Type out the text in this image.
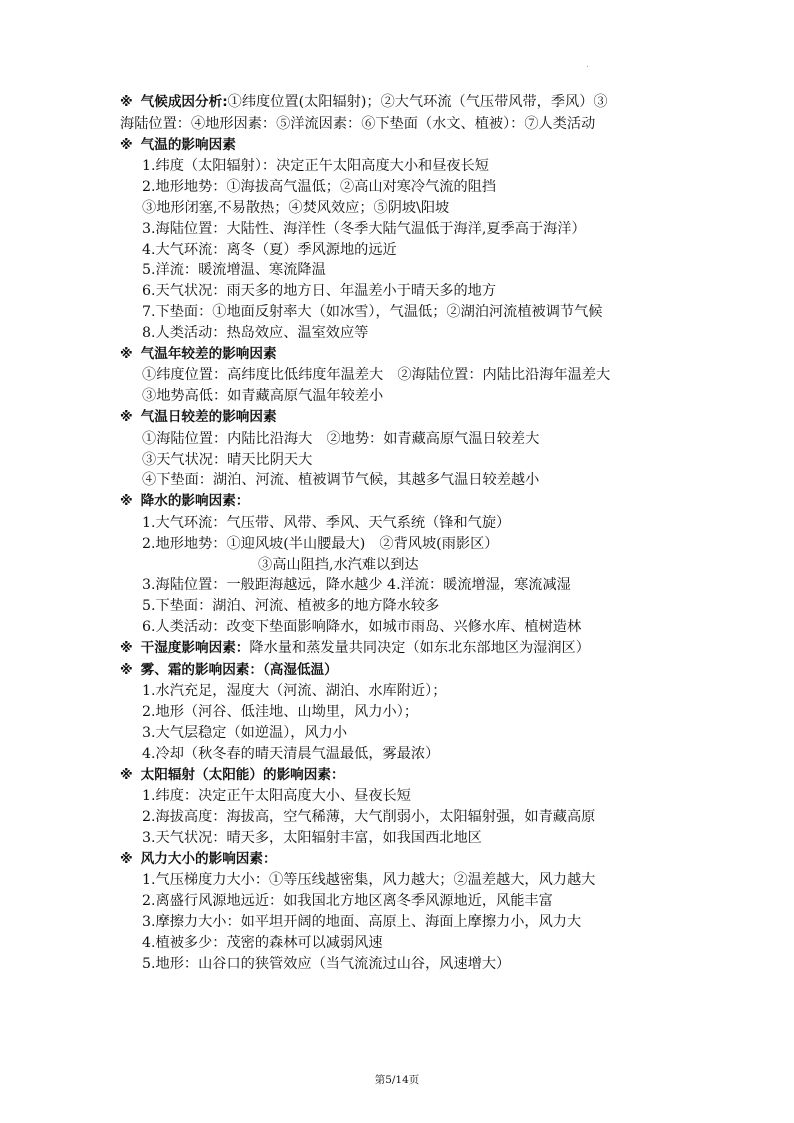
.
※ 气候成因分析:①纬度位置(太阳辐射)；②大气环流（气压带风带，季风）③
海陆位置：④地形因素：⑤洋流因素：⑥下垫面（水文、植被）：⑦人类活动
※ 气温的影响因素
1.纬度（太阳辐射）：决定正午太阳高度大小和昼夜长短
2.地形地势：①海拔高气温低；②高山对寒冷气流的阻挡
③地形闭塞,不易散热；④焚风效应；⑤阴坡\阳坡
3.海陆位置：大陆性、海洋性（冬季大陆气温低于海洋,夏季高于海洋）
4.大气环流：离冬（夏）季风源地的远近
5.洋流：暖流增温、寒流降温
6.天气状况：雨天多的地方日、年温差小于晴天多的地方
7.下垫面：①地面反射率大（如冰雪），气温低；②湖泊河流植被调节气候
8.人类活动：热岛效应、温室效应等
※ 气温年较差的影响因素
①纬度位置：高纬度比低纬度年温差大　②海陆位置：内陆比沿海年温差大
③地势高低：如青藏高原气温年较差小
※ 气温日较差的影响因素
①海陆位置：内陆比沿海大　②地势：如青藏高原气温日较差大
③天气状况：晴天比阴天大
④下垫面：湖泊、河流、植被调节气候，其越多气温日较差越小
※ 降水的影响因素：
1.大气环流：气压带、风带、季风、天气系统（锋和气旋）
2.地形地势：①迎风坡(半山腰最大)　②背风坡(雨影区）
③高山阻挡,水汽难以到达
3.海陆位置：一般距海越远，降水越少 4.洋流：暖流增湿，寒流减湿
5.下垫面：湖泊、河流、植被多的地方降水较多
6.人类活动：改变下垫面影响降水，如城市雨岛、兴修水库、植树造林
※ 干湿度影响因素：降水量和蒸发量共同决定（如东北东部地区为湿润区）
※ 雾、霜的影响因素：（高湿低温）
1.水汽充足，湿度大（河流、湖泊、水库附近）；
2.地形（河谷、低洼地、山坳里，风力小）；
3.大气层稳定（如逆温），风力小
4.冷却（秋冬春的晴天清晨气温最低，雾最浓）
※ 太阳辐射（太阳能）的影响因素：
1.纬度：决定正午太阳高度大小、昼夜长短
2.海拔高度：海拔高，空气稀薄，大气削弱小，太阳辐射强，如青藏高原
3.天气状况：晴天多，太阳辐射丰富，如我国西北地区
※ 风力大小的影响因素：
1.气压梯度力大小：①等压线越密集，风力越大；②温差越大，风力越大
2.离盛行风源地远近：如我国北方地区离冬季风源地近，风能丰富
3.摩擦力大小：如平坦开阔的地面、高原上、海面上摩擦力小，风力大
4.植被多少：茂密的森林可以减弱风速
5.地形：山谷口的狭管效应（当气流流过山谷，风速增大）
第5/14页
